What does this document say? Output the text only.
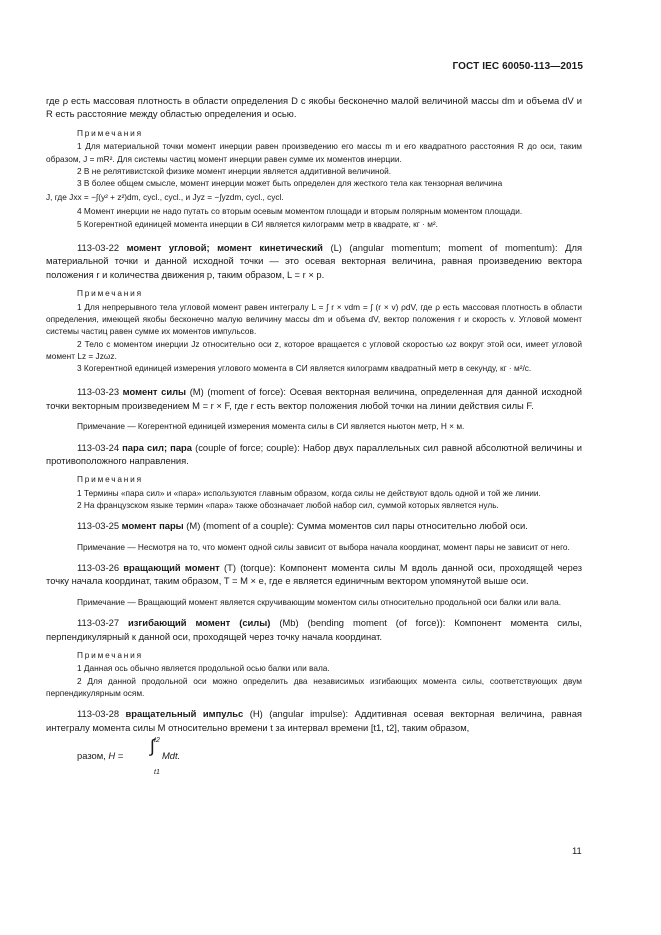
ГОСТ IEC 60050-113—2015

где ρ есть массовая плотность в области определения D с якобы бесконечно малой величиной массы dm и объема dV и R есть расстояние между областью определения и осью.

Примечания

1 Для материальной точки момент инерции равен произведению его массы m и его квадратного расстояния R до оси, таким образом, J = mR². Для системы частиц момент инерции равен сумме их моментов инерции.

2 В не релятивистской физике момент инерции является аддитивной величиной.

3 В более общем смысле, момент инерции может быть определен для жесткого тела как тензорная величина

J, где Jxx = −∫(y² + z²)dm, cycl., cycl., и Jyz = −∫yzdm, cycl., cycl.

4 Момент инерции не надо путать со вторым осевым моментом площади и вторым полярным моментом площади.

5 Когерентной единицей момента инерции в СИ является килограмм метр в квадрате, кг · м².

113-03-22 момент угловой; момент кинетический (L) (angular momentum; moment of momentum): Для материальной точки и данной исходной точки — это осевая векторная величина, равная произведению вектора положения r и количества движения p, таким образом, L = r × p.

Примечания

1 Для непрерывного тела угловой момент равен интегралу L = ∫ r × vdm = ∫ (r × v) ρdV, где ρ есть массовая плотность в области определения, имеющей якобы бесконечно малую величину массы dm и объема dV, вектор положения r и скорость v. Угловой момент системы частиц равен сумме их моментов импульсов.

2 Тело с моментом инерции Jz относительно оси z, которое вращается с угловой скоростью ωz вокруг этой оси, имеет угловой момент Lz = Jzωz.

3 Когерентной единицей измерения углового момента в СИ является килограмм квадратный метр в секунду, кг · м²/с.

113-03-23 момент силы (M) (moment of force): Осевая векторная величина, определенная для данной исходной точки векторным произведением M = r × F, где r есть вектор положения любой точки на линии действия силы F.

Примечание — Когерентной единицей измерения момента силы в СИ является ньютон метр, Н × м.

113-03-24 пара сил; пара (couple of force; couple): Набор двух параллельных сил равной абсолютной величины и противоположного направления.

Примечания

1 Термины «пара сил» и «пара» используются главным образом, когда силы не действуют вдоль одной и той же линии.

2 На французском языке термин «пара» также обозначает любой набор сил, суммой которых является нуль.

113-03-25 момент пары (M) (moment of a couple): Сумма моментов сил пары относительно любой оси.

Примечание — Несмотря на то, что момент одной силы зависит от выбора начала координат, момент пары не зависит от него.

113-03-26 вращающий момент (T) (torque): Компонент момента силы M вдоль данной оси, проходящей через точку начала координат, таким образом, T = M × e, где e является единичным вектором упомянутой выше оси.

Примечание — Вращающий момент является скручивающим моментом силы относительно продольной оси балки или вала.

113-03-27 изгибающий момент (силы) (Mb) (bending moment (of force)): Компонент момента силы, перпендикулярный к данной оси, проходящей через точку начала координат.

Примечания

1 Данная ось обычно является продольной осью балки или вала.

2 Для данной продольной оси можно определить два независимых изгибающих момента силы, соответствующих двум перпендикулярным осям.

113-03-28 вращательный импульс (H) (angular impulse): Аддитивная осевая векторная величина, равная интегралу момента силы M относительно времени t за интервал времени [t1, t2], таким образом,

разом, H = ∫ t2
t1
Mdt.
11
